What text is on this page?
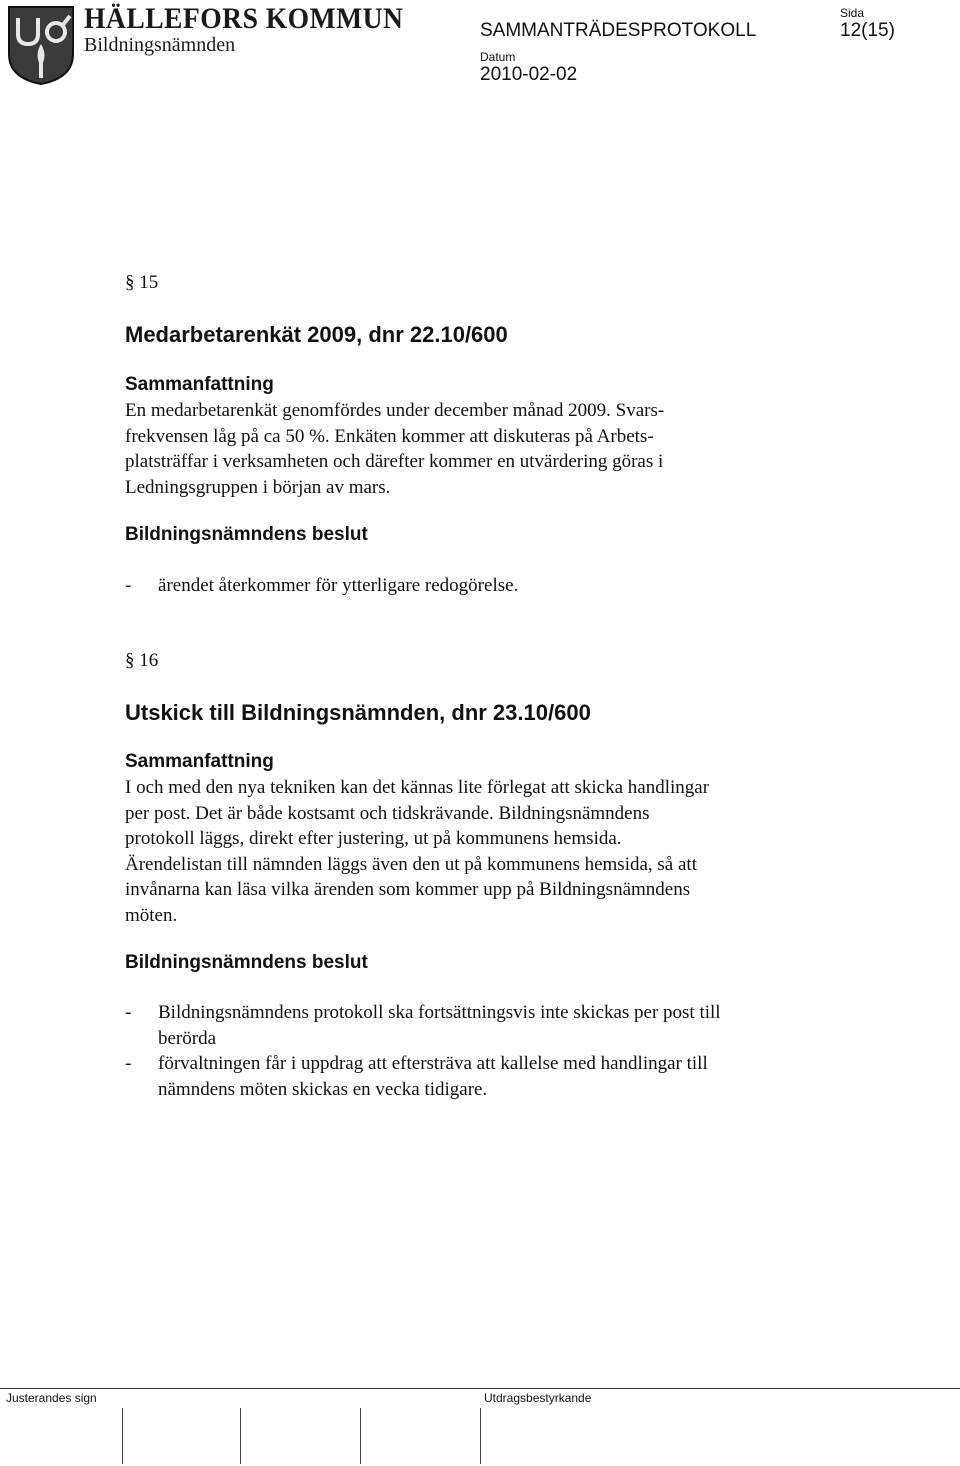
HÄLLEFORS KOMMUN
Bildningsnämnden
SAMMANTRÄDESPROTOKOLL
Sida
12(15)
Datum
2010-02-02
§ 15
Medarbetarenkät 2009, dnr 22.10/600
Sammanfattning
En medarbetarenkät genomfördes under december månad 2009. Svars-
frekvensen låg på ca 50 %. Enkäten kommer att diskuteras på Arbets-
platsträffar i verksamheten och därefter kommer en utvärdering göras i
Ledningsgruppen i början av mars.
Bildningsnämndens beslut
-	ärendet återkommer för ytterligare redogörelse.
§ 16
Utskick till Bildningsnämnden, dnr 23.10/600
Sammanfattning
I och med den nya tekniken kan det kännas lite förlegat att skicka handlingar
per post. Det är både kostsamt och tidskrävande. Bildningsnämndens
protokoll läggs, direkt efter justering, ut på kommunens hemsida.
Ärendelistan till nämnden läggs även den ut på kommunens hemsida, så att
invånarna kan läsa vilka ärenden som kommer upp på Bildningsnämndens
möten.
Bildningsnämndens beslut
-	Bildningsnämndens protokoll ska fortsättningsvis inte skickas per post till
berörda
-	förvaltningen får i uppdrag att eftersträva att kallelse med handlingar till
nämndens möten skickas en vecka tidigare.
Justerandes sign	Utdragsbestyrkande
